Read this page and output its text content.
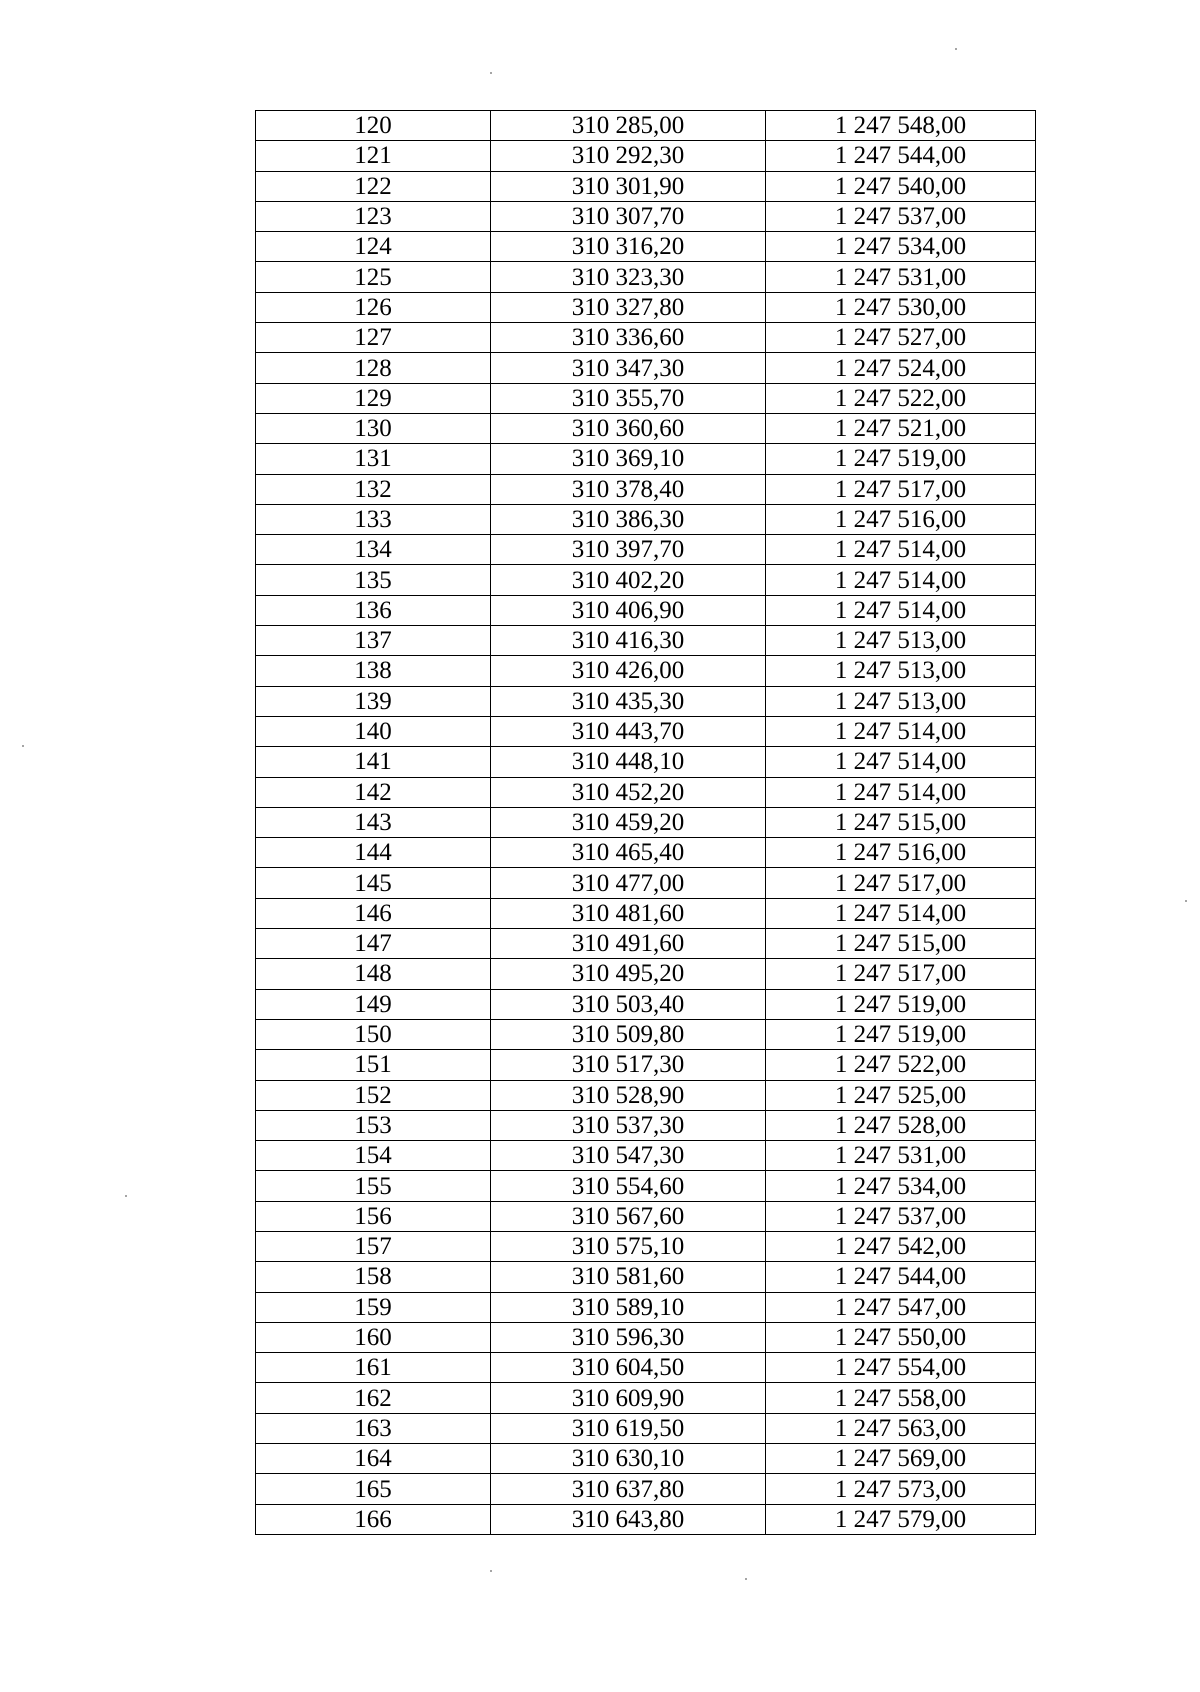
120	310 285,00	1 247 548,00
121	310 292,30	1 247 544,00
122	310 301,90	1 247 540,00
123	310 307,70	1 247 537,00
124	310 316,20	1 247 534,00
125	310 323,30	1 247 531,00
126	310 327,80	1 247 530,00
127	310 336,60	1 247 527,00
128	310 347,30	1 247 524,00
129	310 355,70	1 247 522,00
130	310 360,60	1 247 521,00
131	310 369,10	1 247 519,00
132	310 378,40	1 247 517,00
133	310 386,30	1 247 516,00
134	310 397,70	1 247 514,00
135	310 402,20	1 247 514,00
136	310 406,90	1 247 514,00
137	310 416,30	1 247 513,00
138	310 426,00	1 247 513,00
139	310 435,30	1 247 513,00
140	310 443,70	1 247 514,00
141	310 448,10	1 247 514,00
142	310 452,20	1 247 514,00
143	310 459,20	1 247 515,00
144	310 465,40	1 247 516,00
145	310 477,00	1 247 517,00
146	310 481,60	1 247 514,00
147	310 491,60	1 247 515,00
148	310 495,20	1 247 517,00
149	310 503,40	1 247 519,00
150	310 509,80	1 247 519,00
151	310 517,30	1 247 522,00
152	310 528,90	1 247 525,00
153	310 537,30	1 247 528,00
154	310 547,30	1 247 531,00
155	310 554,60	1 247 534,00
156	310 567,60	1 247 537,00
157	310 575,10	1 247 542,00
158	310 581,60	1 247 544,00
159	310 589,10	1 247 547,00
160	310 596,30	1 247 550,00
161	310 604,50	1 247 554,00
162	310 609,90	1 247 558,00
163	310 619,50	1 247 563,00
164	310 630,10	1 247 569,00
165	310 637,80	1 247 573,00
166	310 643,80	1 247 579,00
